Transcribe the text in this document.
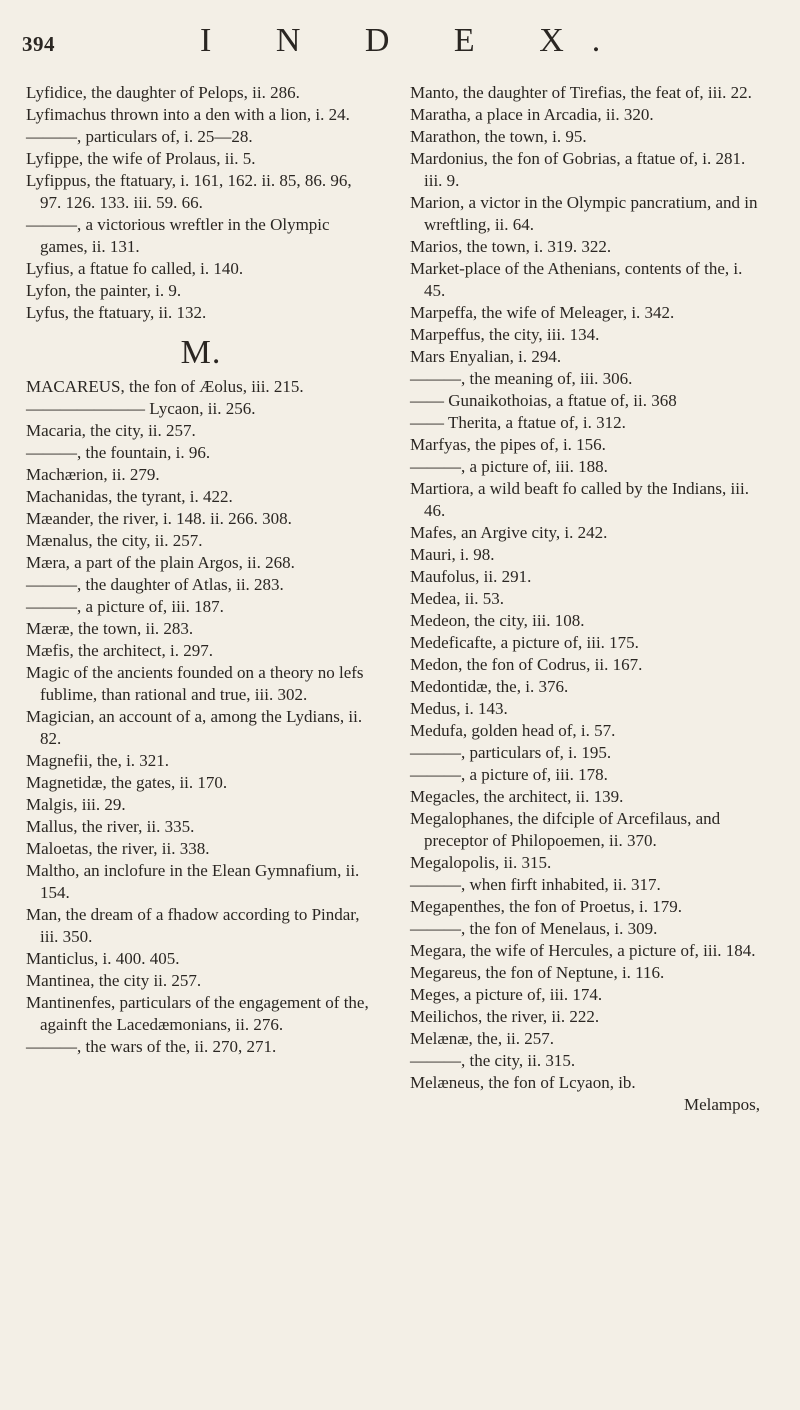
394	I N D E X.

Lyfidice, the daughter of Pelops, ii. 286.

Lyfimachus thrown into a den with a lion, i. 24.

———, particulars of, i. 25—28.

Lyfippe, the wife of Prolaus, ii. 5.

Lyfippus, the ftatuary, i. 161, 162. ii. 85, 86. 96, 97. 126. 133. iii. 59. 66.

———, a victorious wreftler in the Olympic games, ii. 131.

Lyfius, a ftatue fo called, i. 140.

Lyfon, the painter, i. 9.

Lyfus, the ftatuary, ii. 132.

M.

MACAREUS, the fon of Æolus, iii. 215.

——————— Lycaon, ii. 256.

Macaria, the city, ii. 257.

———, the fountain, i. 96.

Machærion, ii. 279.

Machanidas, the tyrant, i. 422.

Mæander, the river, i. 148. ii. 266. 308.

Mænalus, the city, ii. 257.

Mæra, a part of the plain Argos, ii. 268.

———, the daughter of Atlas, ii. 283.

———, a picture of, iii. 187.

Mæræ, the town, ii. 283.

Mæfis, the architect, i. 297.

Magic of the ancients founded on a theory no lefs fublime, than rational and true, iii. 302.

Magician, an account of a, among the Lydians, ii. 82.

Magnefii, the, i. 321.

Magnetidæ, the gates, ii. 170.

Malgis, iii. 29.

Mallus, the river, ii. 335.

Maloetas, the river, ii. 338.

Maltho, an inclofure in the Elean Gymnafium, ii. 154.

Man, the dream of a fhadow according to Pindar, iii. 350.

Manticlus, i. 400. 405.

Mantinea, the city ii. 257.

Mantinenfes, particulars of the engagement of the, againft the Lacedæmonians, ii. 276.

———, the wars of the, ii. 270, 271.

Manto, the daughter of Tirefias, the feat of, iii. 22.

Maratha, a place in Arcadia, ii. 320.

Marathon, the town, i. 95.

Mardonius, the fon of Gobrias, a ftatue of, i. 281. iii. 9.

Marion, a victor in the Olympic pancratium, and in wreftling, ii. 64.

Marios, the town, i. 319. 322.

Market-place of the Athenians, contents of the, i. 45.

Marpeffa, the wife of Meleager, i. 342.

Marpeffus, the city, iii. 134.

Mars Enyalian, i. 294.

———, the meaning of, iii. 306.

—— Gunaikothoias, a ftatue of, ii. 368

—— Therita, a ftatue of, i. 312.

Marfyas, the pipes of, i. 156.

———, a picture of, iii. 188.

Martiora, a wild beaft fo called by the Indians, iii. 46.

Mafes, an Argive city, i. 242.

Mauri, i. 98.

Maufolus, ii. 291.

Medea, ii. 53.

Medeon, the city, iii. 108.

Medeficafte, a picture of, iii. 175.

Medon, the fon of Codrus, ii. 167.

Medontidæ, the, i. 376.

Medus, i. 143.

Medufa, golden head of, i. 57.

———, particulars of, i. 195.

———, a picture of, iii. 178.

Megacles, the architect, ii. 139.

Megalophanes, the difciple of Arcefilaus, and preceptor of Philopoemen, ii. 370.

Megalopolis, ii. 315.

———, when firft inhabited, ii. 317.

Megapenthes, the fon of Proetus, i. 179.

———, the fon of Menelaus, i. 309.

Megara, the wife of Hercules, a picture of, iii. 184.

Megareus, the fon of Neptune, i. 116.

Meges, a picture of, iii. 174.

Meilichos, the river, ii. 222.

Melænæ, the, ii. 257.

———, the city, ii. 315.

Melæneus, the fon of Lcyaon, ib.

Melampos,
